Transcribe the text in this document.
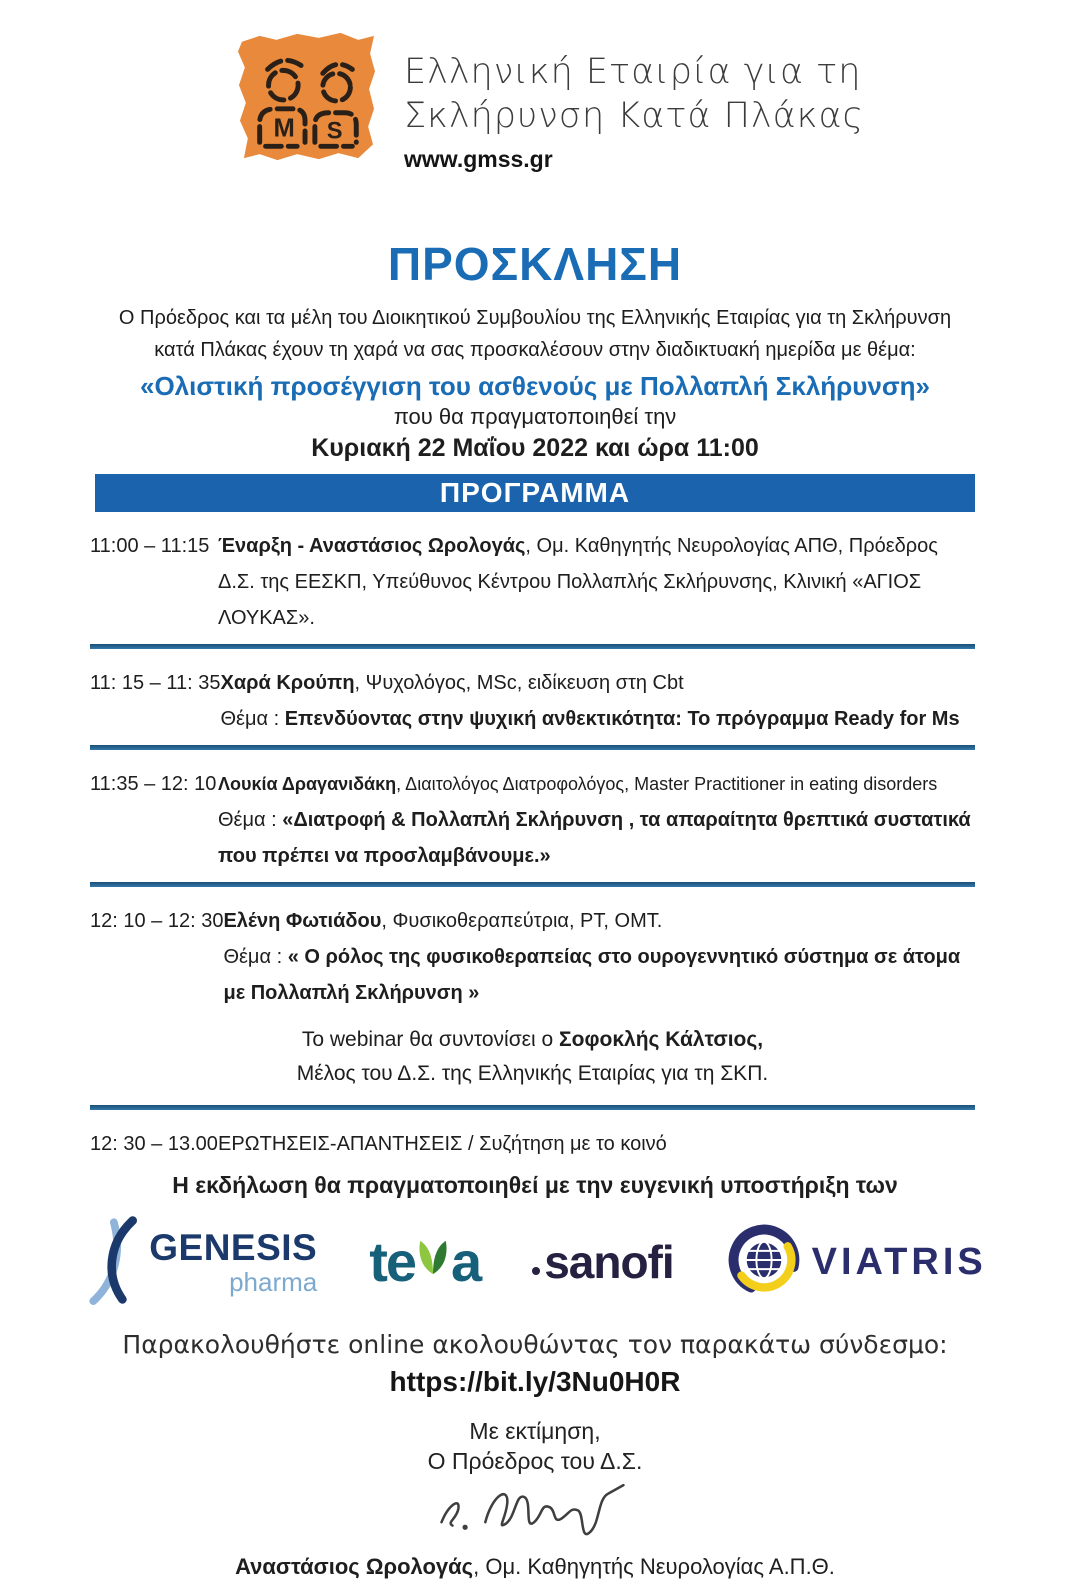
M S
Ελληνική Εταιρία για τη
Σκλήρυνση Κατά Πλάκας
www.gmss.gr
ΠΡΟΣΚΛΗΣΗ
Ο Πρόεδρος και τα μέλη του Διοικητικού Συμβουλίου της Ελληνικής Εταιρίας για τη Σκλήρυνση
κατά Πλάκας έχουν τη χαρά να σας προσκαλέσουν στην διαδικτυακή ημερίδα με θέμα:
«Ολιστική προσέγγιση του ασθενούς με Πολλαπλή Σκλήρυνση»
που θα πραγματοποιηθεί την
Κυριακή 22 Μαΐου 2022 και ώρα 11:00
ΠΡΟΓΡΑΜΜΑ
11:00 – 11:15 Έναρξη - Αναστάσιος Ωρολογάς, Ομ. Καθηγητής Νευρολογίας ΑΠΘ, Πρόεδρος Δ.Σ. της ΕΕΣΚΠ, Υπεύθυνος Κέντρου Πολλαπλής Σκλήρυνσης, Κλινική «ΑΓΙΟΣ ΛΟΥΚΑΣ».
11: 15 – 11: 35 Χαρά Κρούπη, Ψυχολόγος, MSc, ειδίκευση στη Cbt
Θέμα : Επενδύοντας στην ψυχική ανθεκτικότητα: Το πρόγραμμα Ready for Ms
11:35 – 12: 10 Λουκία Δραγανιδάκη, Διαιτολόγος Διατροφολόγος, Master Practitioner in eating disorders
Θέμα : «Διατροφή & Πολλαπλή Σκλήρυνση , τα απαραίτητα θρεπτικά συστατικά που πρέπει να προσλαμβάνουμε.»
12: 10 – 12: 30 Ελένη Φωτιάδου, Φυσικοθεραπεύτρια, PT, OMT.
Θέμα : « Ο ρόλος της φυσικοθεραπείας στο ουρογεννητικό σύστημα σε άτομα με Πολλαπλή Σκλήρυνση »
Το webinar θα συντονίσει ο Σοφοκλής Κάλτσιος,
Μέλος του Δ.Σ. της Ελληνικής Εταιρίας για τη ΣΚΠ.
12: 30 – 13.00 ΕΡΩΤΗΣΕΙΣ-ΑΠΑΝΤΗΣΕΙΣ / Συζήτηση με το κοινό
Η εκδήλωση θα πραγματοποιηθεί με την ευγενική υποστήριξη των
GENESIS
pharma te a sanofi	VIATRIS
Παρακολουθήστε online ακολουθώντας τον παρακάτω σύνδεσμο:
https://bit.ly/3Nu0H0R
Με εκτίμηση,
Ο Πρόεδρος του Δ.Σ.
Αναστάσιος Ωρολογάς, Ομ. Καθηγητής Νευρολογίας Α.Π.Θ.
